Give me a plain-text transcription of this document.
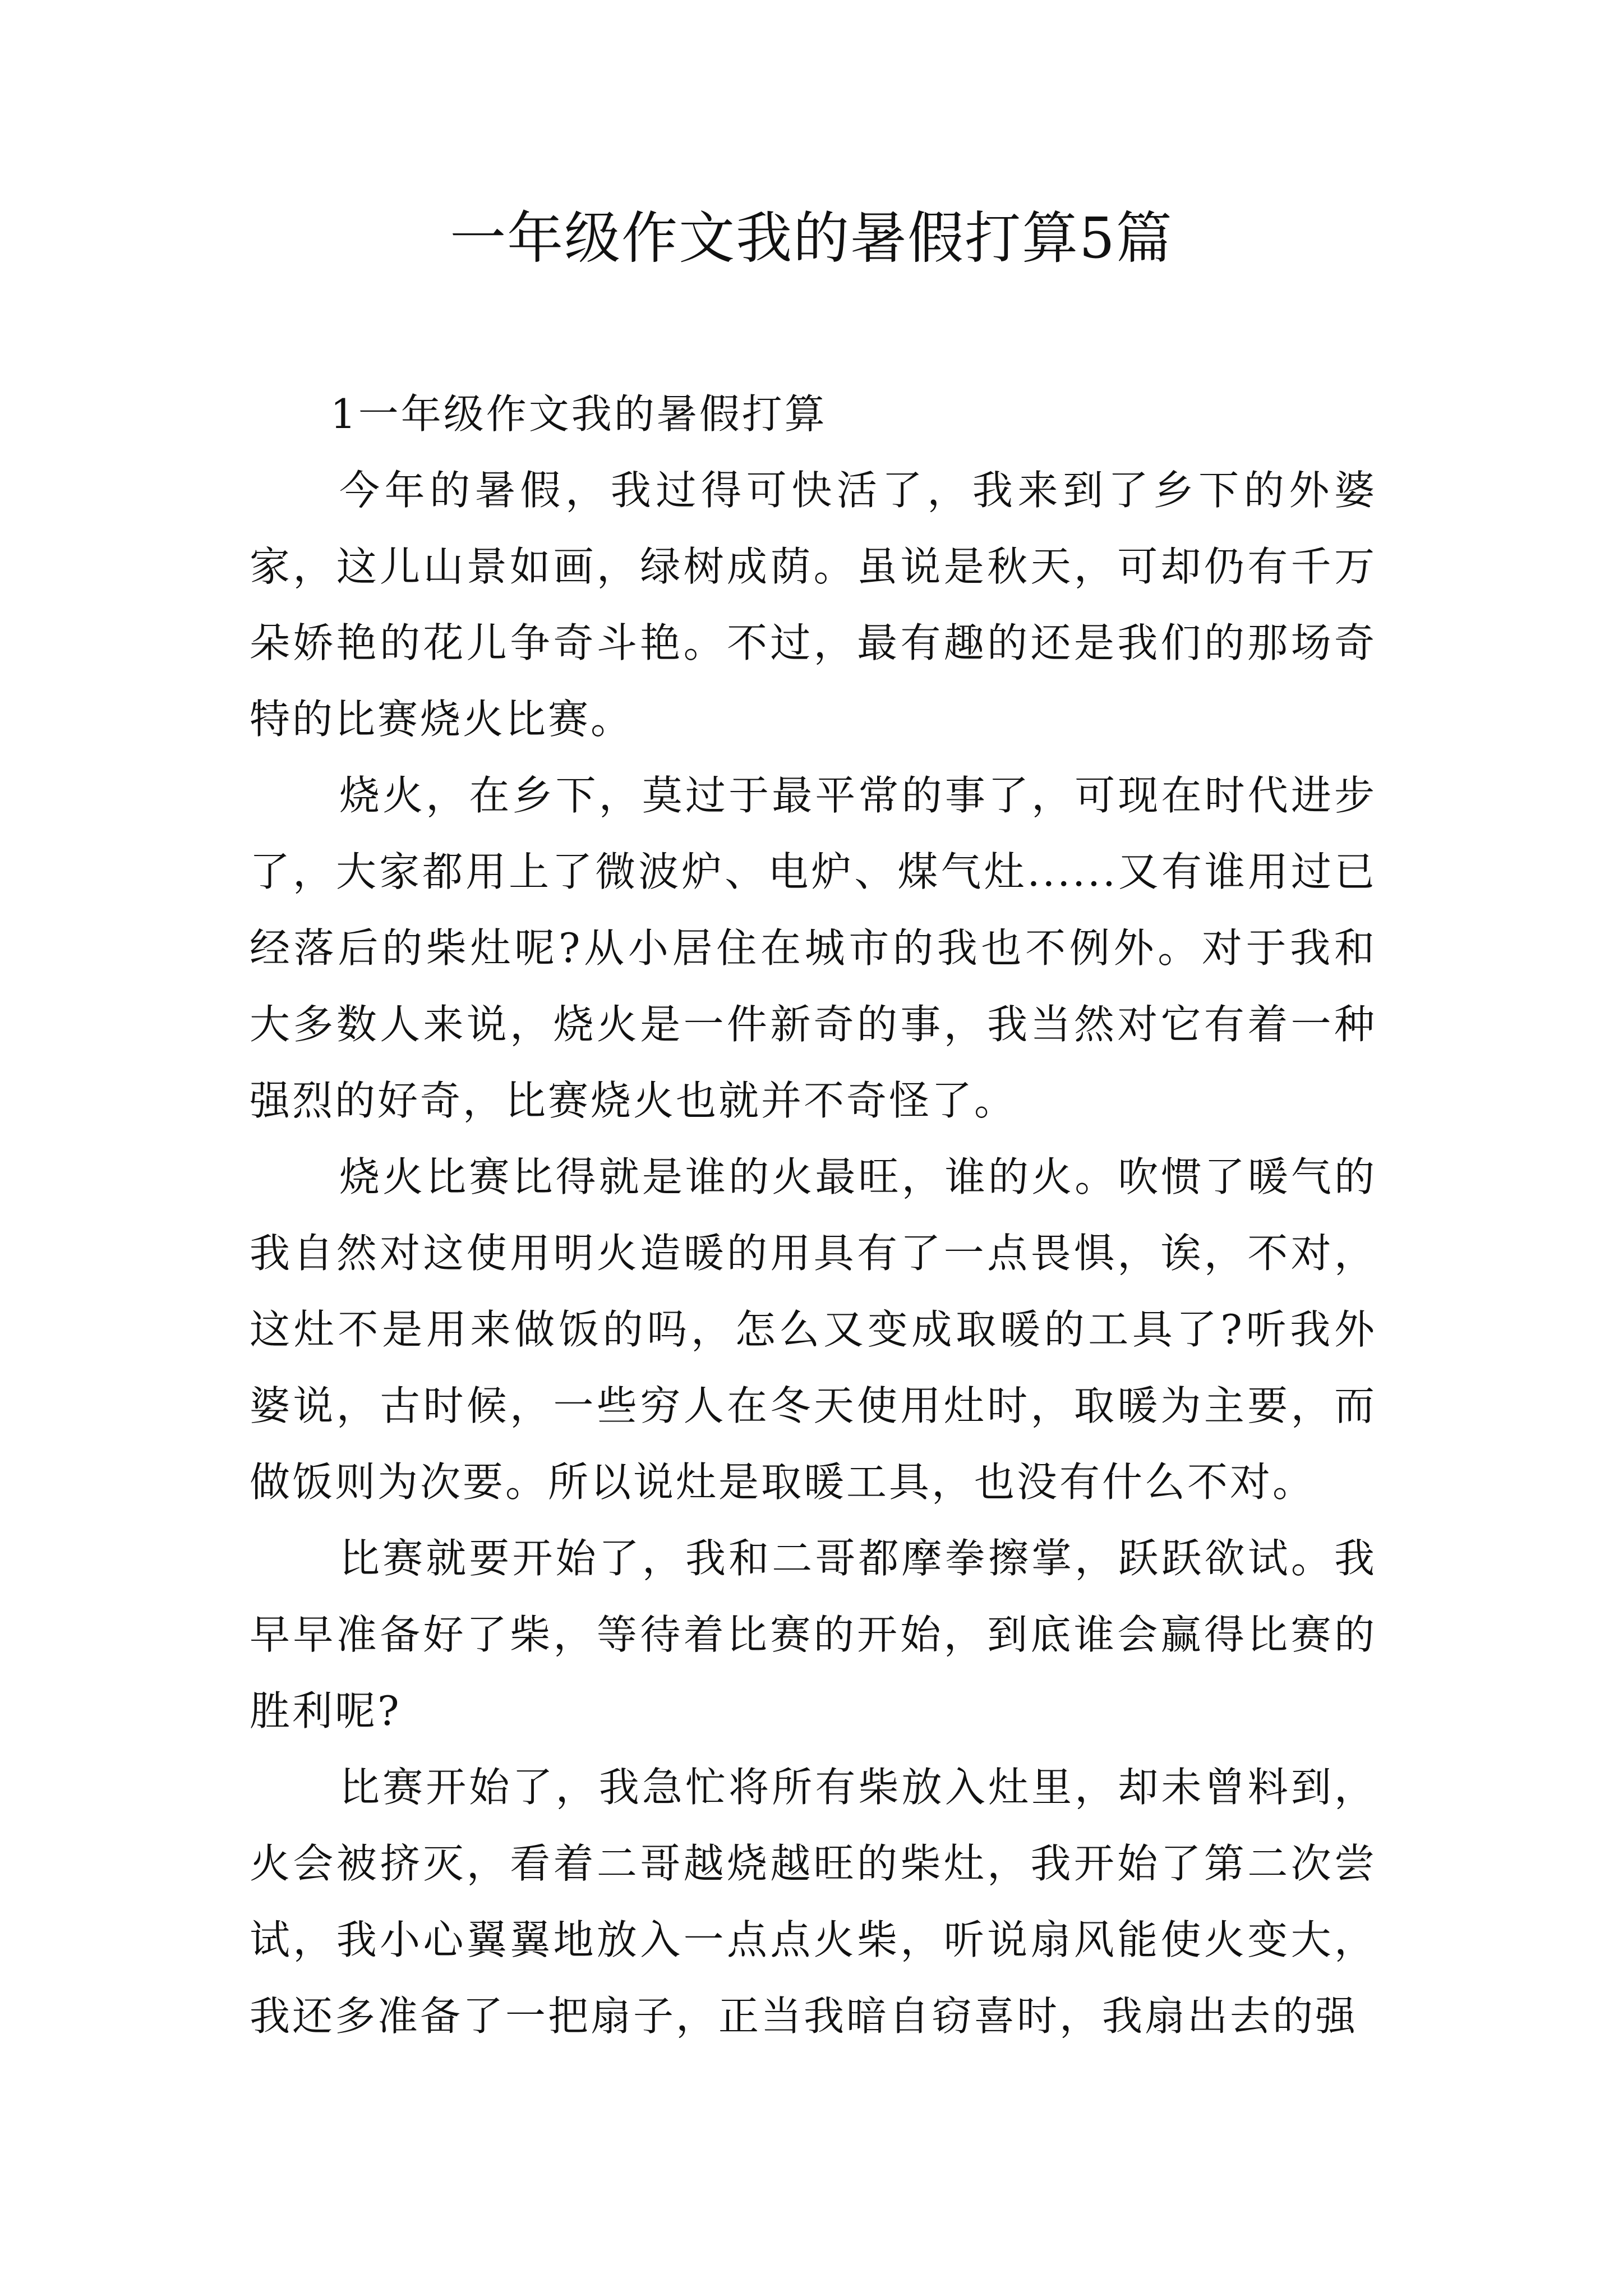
一年级作文我的暑假打算5篇

1一年级作文我的暑假打算

今年的暑假，我过得可快活了，我来到了乡下的外婆家，这儿山景如画，绿树成荫。虽说是秋天，可却仍有千万朵娇艳的花儿争奇斗艳。不过，最有趣的还是我们的那场奇特的比赛烧火比赛。

烧火，在乡下，莫过于最平常的事了，可现在时代进步了，大家都用上了微波炉、电炉、煤气灶......又有谁用过已经落后的柴灶呢?从小居住在城市的我也不例外。对于我和大多数人来说，烧火是一件新奇的事，我当然对它有着一种强烈的好奇，比赛烧火也就并不奇怪了。

烧火比赛比得就是谁的火最旺，谁的火。吹惯了暖气的我自然对这使用明火造暖的用具有了一点畏惧，诶，不对，这灶不是用来做饭的吗，怎么又变成取暖的工具了?听我外婆说，古时候，一些穷人在冬天使用灶时，取暖为主要，而做饭则为次要。所以说灶是取暖工具，也没有什么不对。

比赛就要开始了，我和二哥都摩拳擦掌，跃跃欲试。我早早准备好了柴，等待着比赛的开始，到底谁会赢得比赛的胜利呢?

比赛开始了，我急忙将所有柴放入灶里，却未曾料到，火会被挤灭，看着二哥越烧越旺的柴灶，我开始了第二次尝试，我小心翼翼地放入一点点火柴，听说扇风能使火变大，我还多准备了一把扇子，正当我暗自窃喜时，我扇出去的强
